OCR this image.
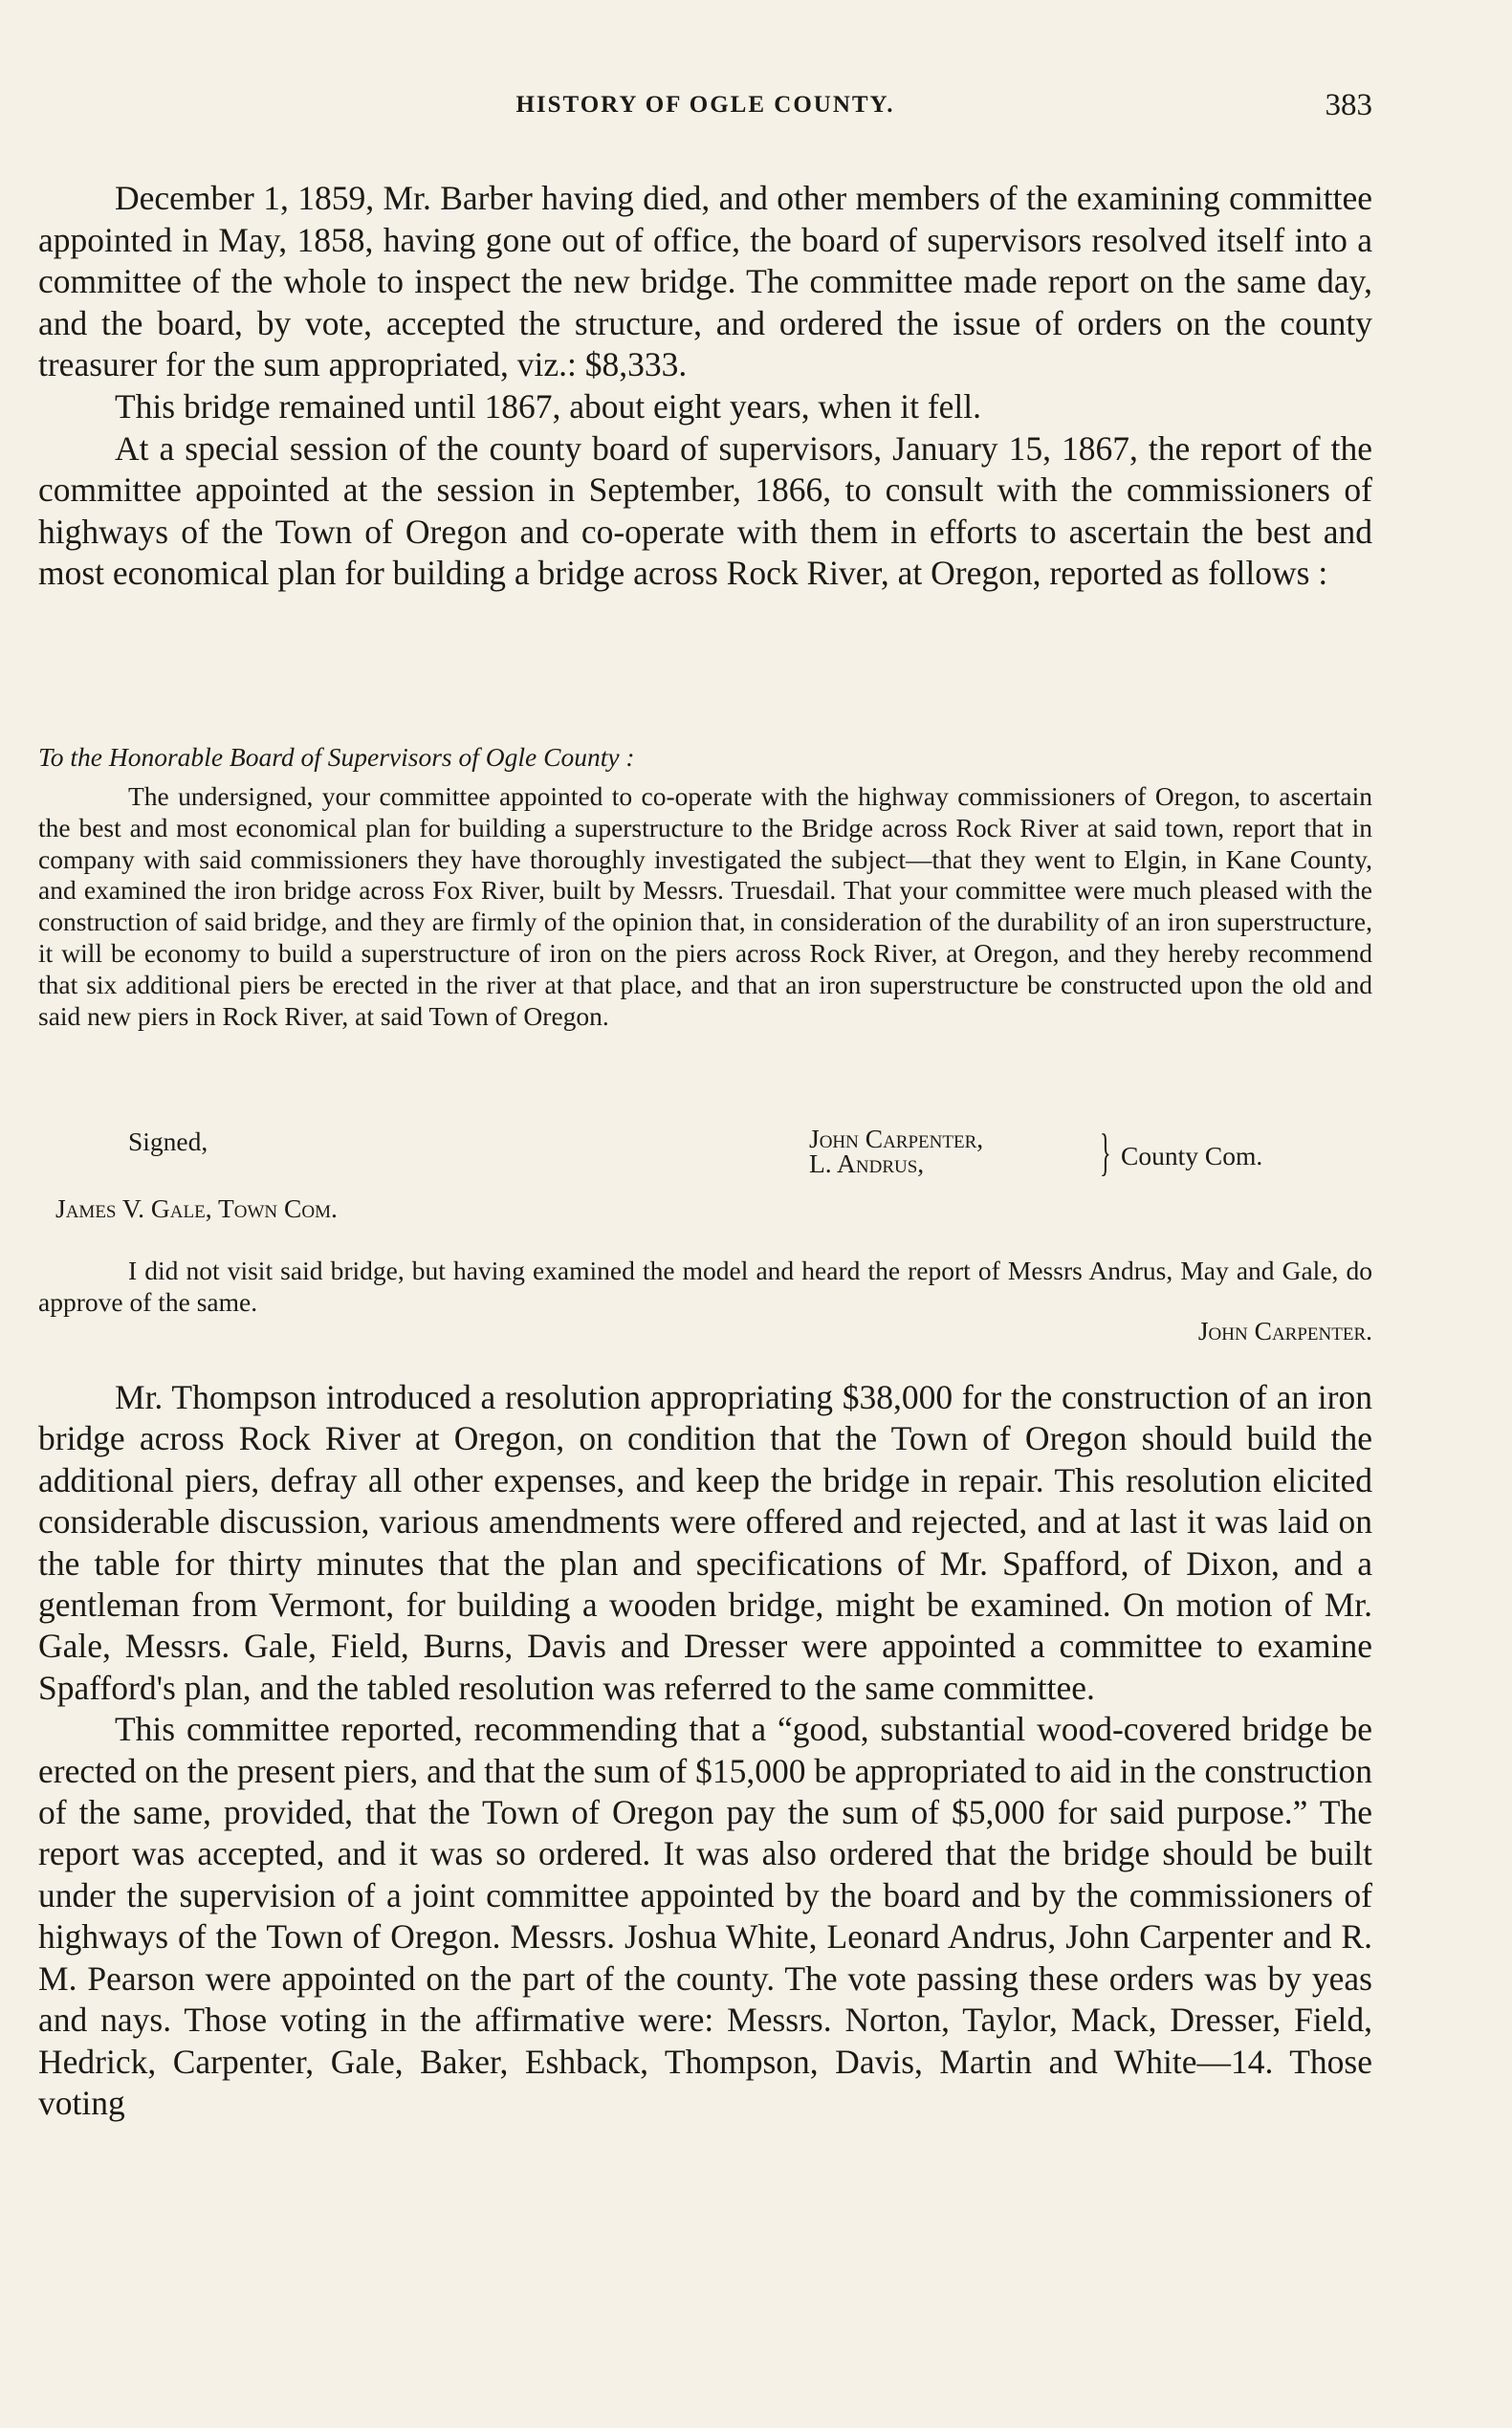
HISTORY OF OGLE COUNTY.	383

December 1, 1859, Mr. Barber having died, and other members of the examining committee appointed in May, 1858, having gone out of office, the board of supervisors resolved itself into a committee of the whole to inspect the new bridge. The committee made report on the same day, and the board, by vote, accepted the structure, and ordered the issue of orders on the county treasurer for the sum appropriated, viz.: $8,333.

This bridge remained until 1867, about eight years, when it fell.

At a special session of the county board of supervisors, January 15, 1867, the report of the committee appointed at the session in September, 1866, to consult with the commissioners of highways of the Town of Oregon and co-operate with them in efforts to ascertain the best and most economical plan for building a bridge across Rock River, at Oregon, reported as follows :

To the Honorable Board of Supervisors of Ogle County :
The undersigned, your committee appointed to co-operate with the highway commissioners of Oregon, to ascertain the best and most economical plan for building a superstructure to the Bridge across Rock River at said town, report that in company with said commissioners they have thoroughly investigated the subject—that they went to Elgin, in Kane County, and examined the iron bridge across Fox River, built by Messrs. Truesdail. That your committee were much pleased with the construction of said bridge, and they are firmly of the opinion that, in consideration of the durability of an iron superstructure, it will be economy to build a superstructure of iron on the piers across Rock River, at Oregon, and they hereby recommend that six additional piers be erected in the river at that place, and that an iron superstructure be constructed upon the old and said new piers in Rock River, at said Town of Oregon.
Signed,	John Carpenter,
L. Andrus,	} County Com.
James V. Gale, Town Com.
I did not visit said bridge, but having examined the model and heard the report of Messrs Andrus, May and Gale, do approve of the same.
John Carpenter.

Mr. Thompson introduced a resolution appropriating $38,000 for the construction of an iron bridge across Rock River at Oregon, on condition that the Town of Oregon should build the additional piers, defray all other expenses, and keep the bridge in repair. This resolution elicited considerable discussion, various amendments were offered and rejected, and at last it was laid on the table for thirty minutes that the plan and specifications of Mr. Spafford, of Dixon, and a gentleman from Vermont, for building a wooden bridge, might be examined. On motion of Mr. Gale, Messrs. Gale, Field, Burns, Davis and Dresser were appointed a committee to examine Spafford's plan, and the tabled resolution was referred to the same committee.

This committee reported, recommending that a “good, substantial wood-covered bridge be erected on the present piers, and that the sum of $15,000 be appropriated to aid in the construction of the same, provided, that the Town of Oregon pay the sum of $5,000 for said purpose.” The report was accepted, and it was so ordered. It was also ordered that the bridge should be built under the supervision of a joint committee appointed by the board and by the commissioners of highways of the Town of Oregon. Messrs. Joshua White, Leonard Andrus, John Carpenter and R. M. Pearson were appointed on the part of the county. The vote passing these orders was by yeas and nays. Those voting in the affirmative were: Messrs. Norton, Taylor, Mack, Dresser, Field, Hedrick, Carpenter, Gale, Baker, Eshback, Thompson, Davis, Martin and White—14. Those voting
